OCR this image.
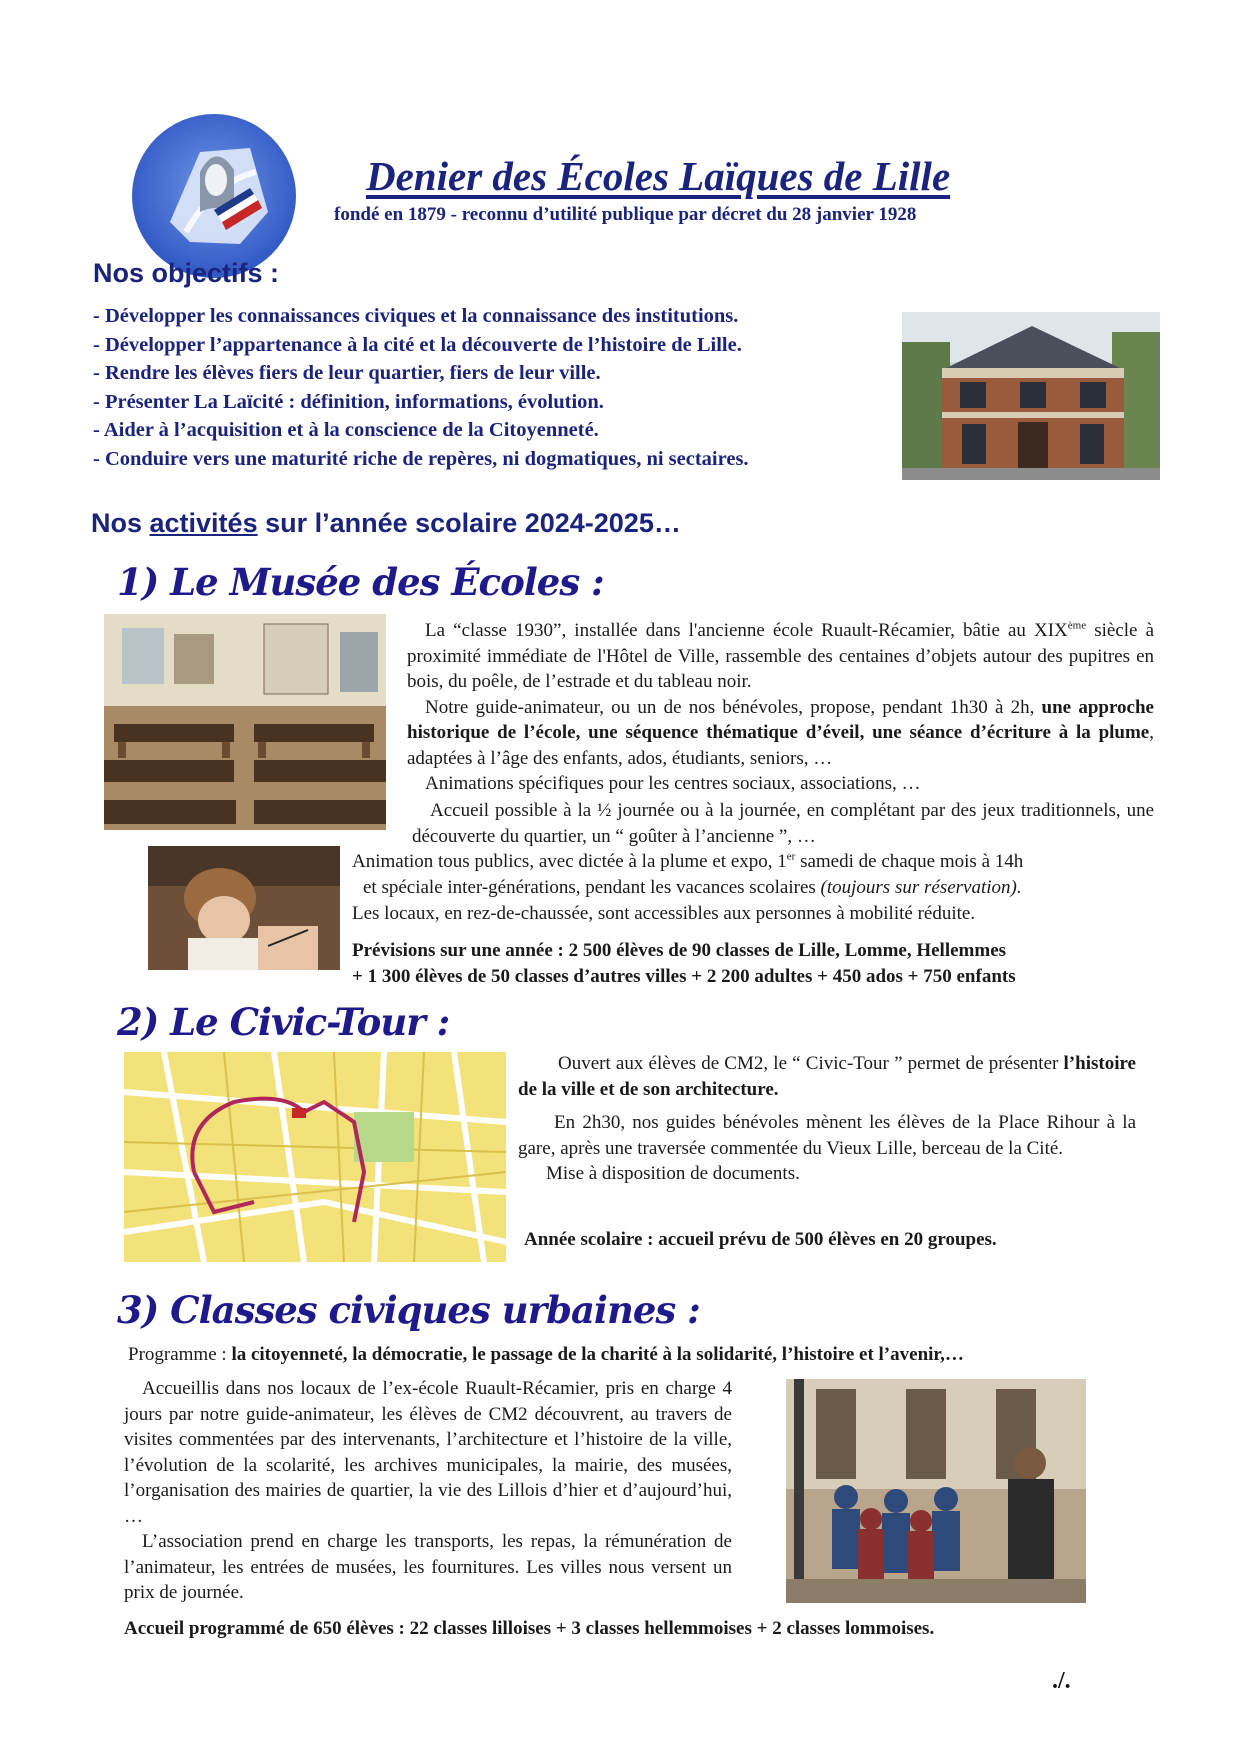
Denier des Écoles Laïques de Lille
fondé en 1879 - reconnu d’utilité publique par décret du 28 janvier 1928
Nos objectifs :

- Développer les connaissances civiques et la connaissance des institutions.

- Développer l’appartenance à la cité et la découverte de l’histoire de Lille.

- Rendre les élèves fiers de leur quartier, fiers de leur ville.

- Présenter La Laïcité : définition, informations, évolution.

- Aider à l’acquisition et à la conscience de la Citoyenneté.

- Conduire vers une maturité riche de repères, ni dogmatiques, ni sectaires.

Nos activités sur l’année scolaire 2024-2025…
1) Le Musée des Écoles :

La “classe 1930”, installée dans l'ancienne école Ruault-Récamier, bâtie au XIXème siècle à proximité immédiate de l'Hôtel de Ville, rassemble des centaines d’objets autour des pupitres en bois, du poêle, de l’estrade et du tableau noir.

Notre guide-animateur, ou un de nos bénévoles, propose, pendant 1h30 à 2h, une approche historique de l’école, une séquence thématique d’éveil, une séance d’écriture à la plume, adaptées à l’âge des enfants, ados, étudiants, seniors, …

Animations spécifiques pour les centres sociaux, associations, …

Accueil possible à la ½ journée ou à la journée, en complétant par des jeux traditionnels, une découverte du quartier, un “ goûter à l’ancienne ”, …

Animation tous publics, avec dictée à la plume et expo, 1er samedi de chaque mois à 14h

et spéciale inter-générations, pendant les vacances scolaires (toujours sur réservation).

Les locaux, en rez-de-chaussée, sont accessibles aux personnes à mobilité réduite.

Prévisions sur une année : 2 500 élèves de 90 classes de Lille, Lomme, Hellemmes

+ 1 300 élèves de 50 classes d’autres villes + 2 200 adultes + 450 ados + 750 enfants

2) Le Civic-Tour :

Ouvert aux élèves de CM2, le “ Civic-Tour ” permet de présenter l’histoire de la ville et de son architecture.

En 2h30, nos guides bénévoles mènent les élèves de la Place Rihour à la gare, après une traversée commentée du Vieux Lille, berceau de la Cité.

Mise à disposition de documents.

Année scolaire : accueil prévu de 500 élèves en 20 groupes.
3) Classes civiques urbaines :
Programme : la citoyenneté, la démocratie, le passage de la charité à la solidarité, l’histoire et l’avenir,…

Accueillis dans nos locaux de l’ex-école Ruault-Récamier, pris en charge 4 jours par notre guide-animateur, les élèves de CM2 découvrent, au travers de visites commentées par des intervenants, l’architecture et l’histoire de la ville, l’évolution de la scolarité, les archives municipales, la mairie, des musées, l’organisation des mairies de quartier, la vie des Lillois d’hier et d’aujourd’hui, …

L’association prend en charge les transports, les repas, la rémunération de l’animateur, les entrées de musées, les fournitures. Les villes nous versent un prix de journée.

Accueil programmé de 650 élèves : 22 classes lilloises + 3 classes hellemmoises + 2 classes lommoises.
./.
